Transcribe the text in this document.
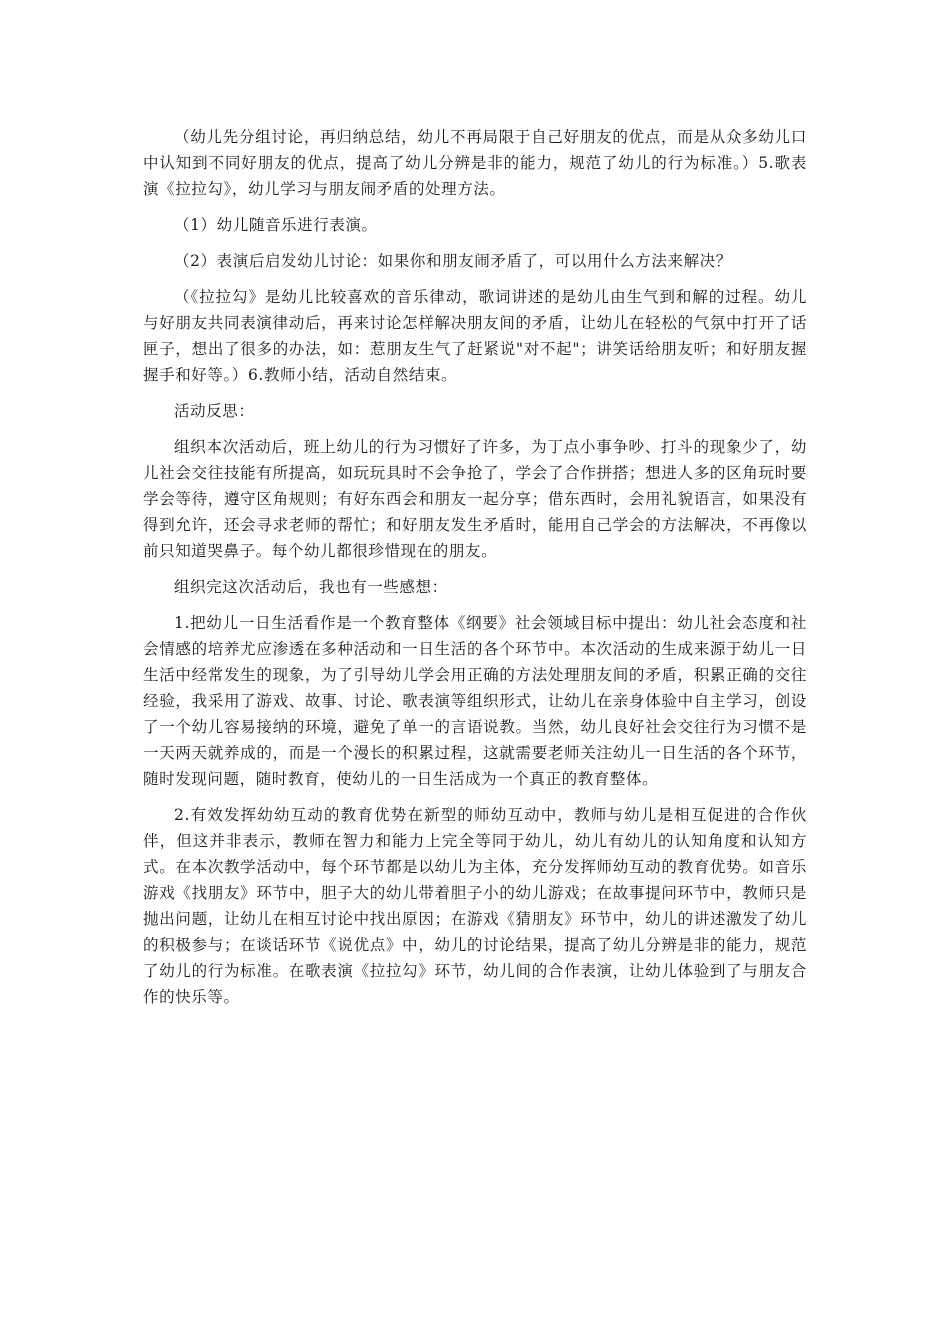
（幼儿先分组讨论，再归纳总结，幼儿不再局限于自己好朋友的优点，而是从众多幼儿口中认知到不同好朋友的优点，提高了幼儿分辨是非的能力，规范了幼儿的行为标准。）5.歌表演《拉拉勾》，幼儿学习与朋友闹矛盾的处理方法。

（1）幼儿随音乐进行表演。

（2）表演后启发幼儿讨论：如果你和朋友闹矛盾了，可以用什么方法来解决？

（《拉拉勾》是幼儿比较喜欢的音乐律动，歌词讲述的是幼儿由生气到和解的过程。幼儿与好朋友共同表演律动后，再来讨论怎样解决朋友间的矛盾，让幼儿在轻松的气氛中打开了话匣子，想出了很多的办法，如：惹朋友生气了赶紧说"对不起"；讲笑话给朋友听；和好朋友握握手和好等。）6.教师小结，活动自然结束。

活动反思：

组织本次活动后，班上幼儿的行为习惯好了许多，为丁点小事争吵、打斗的现象少了，幼儿社会交往技能有所提高，如玩玩具时不会争抢了，学会了合作拼搭；想进人多的区角玩时要学会等待，遵守区角规则；有好东西会和朋友一起分享；借东西时，会用礼貌语言，如果没有得到允许，还会寻求老师的帮忙；和好朋友发生矛盾时，能用自己学会的方法解决，不再像以前只知道哭鼻子。每个幼儿都很珍惜现在的朋友。

组织完这次活动后，我也有一些感想：

1.把幼儿一日生活看作是一个教育整体《纲要》社会领域目标中提出：幼儿社会态度和社会情感的培养尤应渗透在多种活动和一日生活的各个环节中。本次活动的生成来源于幼儿一日生活中经常发生的现象，为了引导幼儿学会用正确的方法处理朋友间的矛盾，积累正确的交往经验，我采用了游戏、故事、讨论、歌表演等组织形式，让幼儿在亲身体验中自主学习，创设了一个幼儿容易接纳的环境，避免了单一的言语说教。当然，幼儿良好社会交往行为习惯不是一天两天就养成的，而是一个漫长的积累过程，这就需要老师关注幼儿一日生活的各个环节，随时发现问题，随时教育，使幼儿的一日生活成为一个真正的教育整体。

2.有效发挥幼幼互动的教育优势在新型的师幼互动中，教师与幼儿是相互促进的合作伙伴，但这并非表示，教师在智力和能力上完全等同于幼儿，幼儿有幼儿的认知角度和认知方式。在本次教学活动中，每个环节都是以幼儿为主体，充分发挥师幼互动的教育优势。如音乐游戏《找朋友》环节中，胆子大的幼儿带着胆子小的幼儿游戏；在故事提问环节中，教师只是抛出问题，让幼儿在相互讨论中找出原因；在游戏《猜朋友》环节中，幼儿的讲述激发了幼儿的积极参与；在谈话环节《说优点》中，幼儿的讨论结果，提高了幼儿分辨是非的能力，规范了幼儿的行为标准。在歌表演《拉拉勾》环节，幼儿间的合作表演，让幼儿体验到了与朋友合作的快乐等。
